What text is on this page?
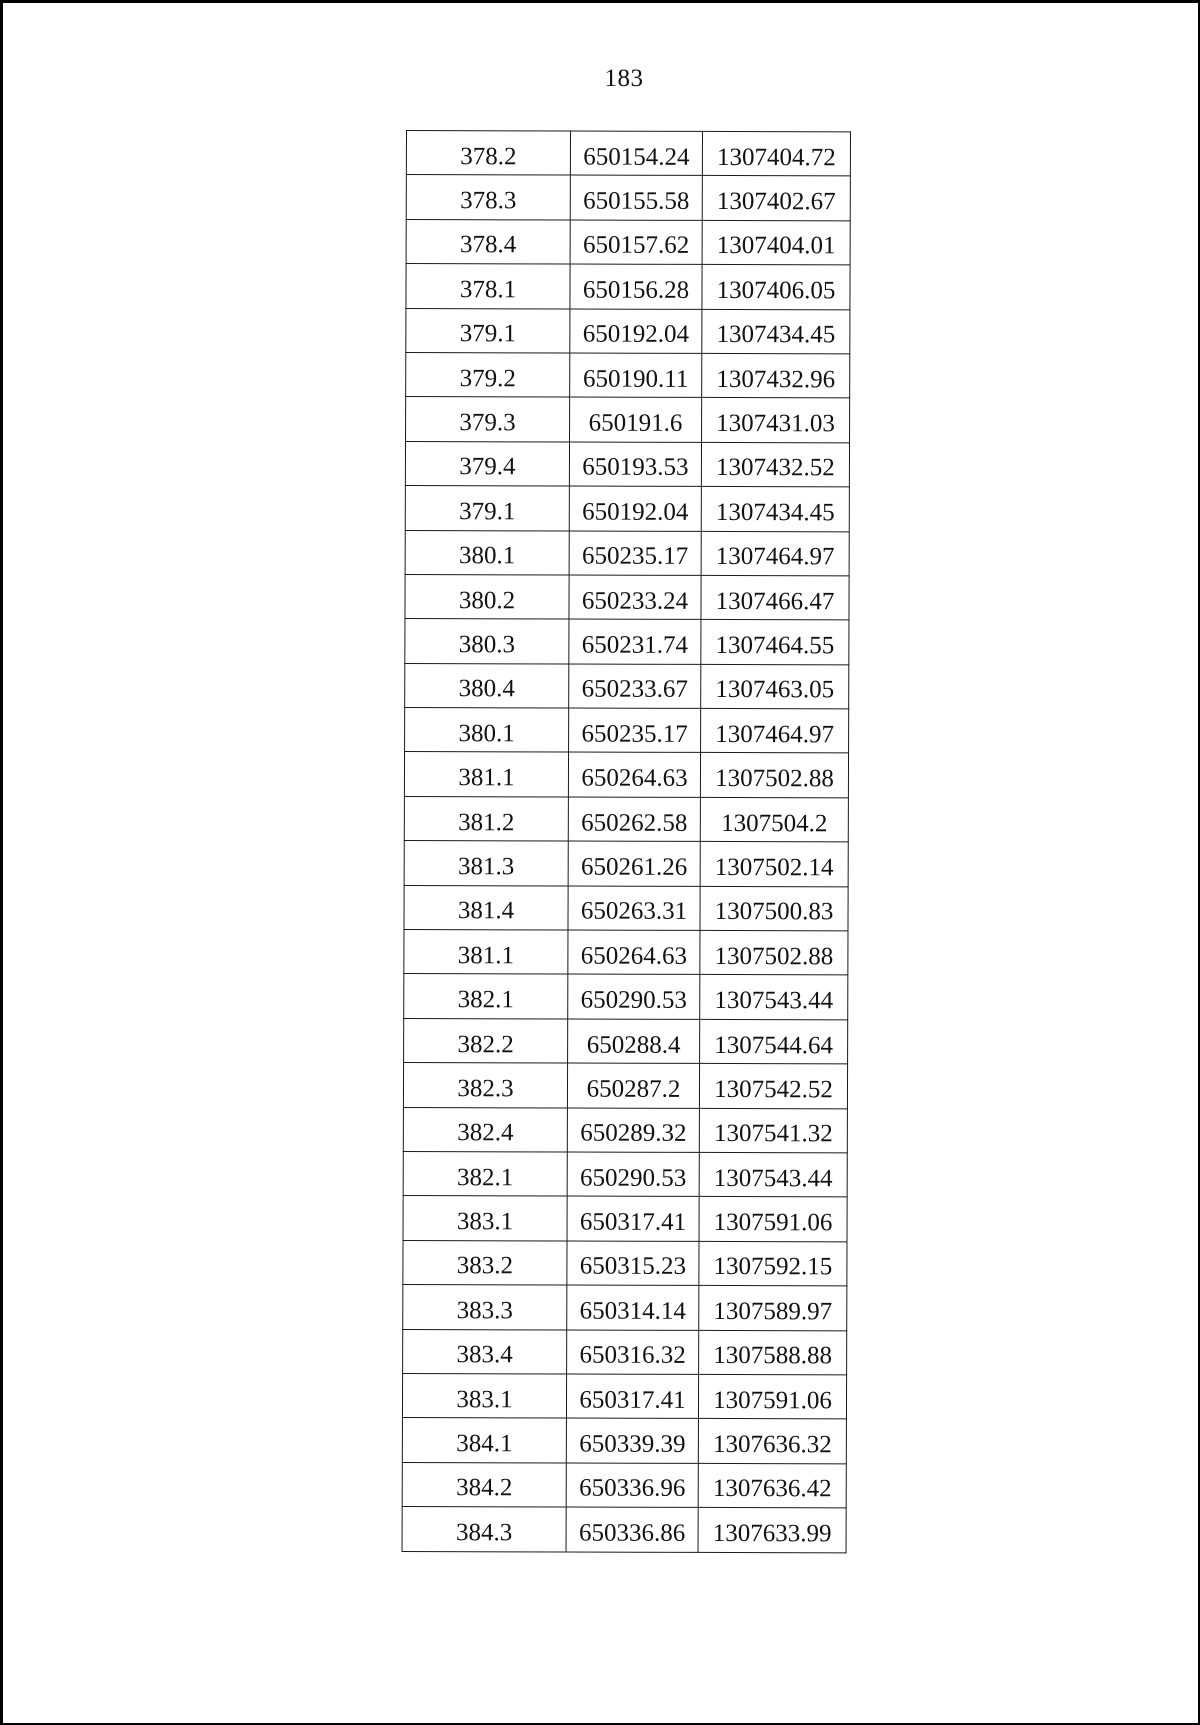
183
378.2	650154.24	1307404.72
378.3	650155.58	1307402.67
378.4	650157.62	1307404.01
378.1	650156.28	1307406.05
379.1	650192.04	1307434.45
379.2	650190.11	1307432.96
379.3	650191.6	1307431.03
379.4	650193.53	1307432.52
379.1	650192.04	1307434.45
380.1	650235.17	1307464.97
380.2	650233.24	1307466.47
380.3	650231.74	1307464.55
380.4	650233.67	1307463.05
380.1	650235.17	1307464.97
381.1	650264.63	1307502.88
381.2	650262.58	1307504.2
381.3	650261.26	1307502.14
381.4	650263.31	1307500.83
381.1	650264.63	1307502.88
382.1	650290.53	1307543.44
382.2	650288.4	1307544.64
382.3	650287.2	1307542.52
382.4	650289.32	1307541.32
382.1	650290.53	1307543.44
383.1	650317.41	1307591.06
383.2	650315.23	1307592.15
383.3	650314.14	1307589.97
383.4	650316.32	1307588.88
383.1	650317.41	1307591.06
384.1	650339.39	1307636.32
384.2	650336.96	1307636.42
384.3	650336.86	1307633.99
